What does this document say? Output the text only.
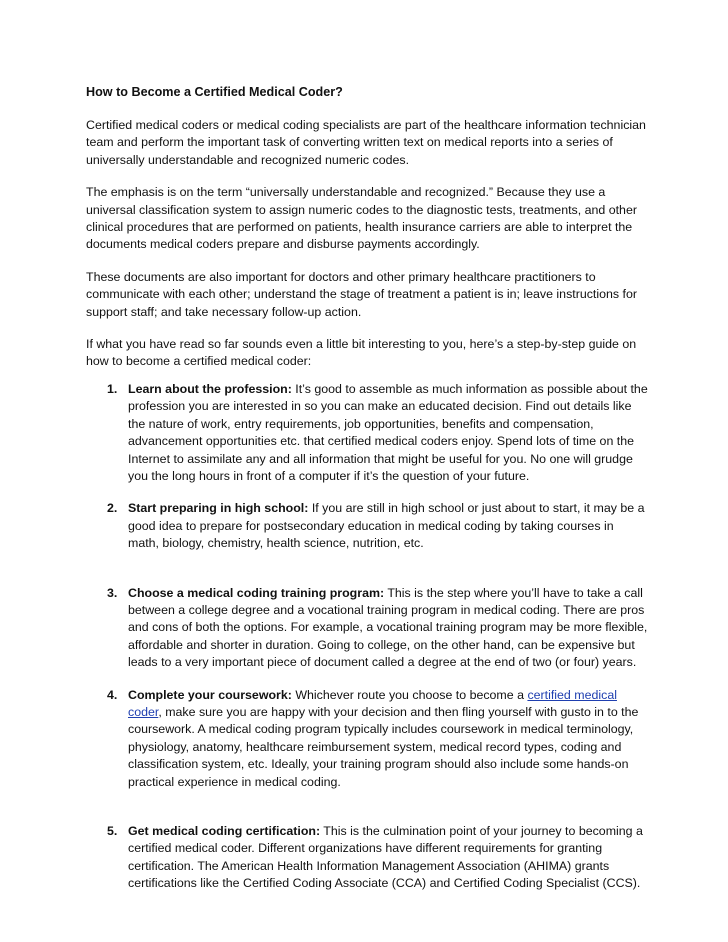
How to Become a Certified Medical Coder?

Certified medical coders or medical coding specialists are part of the healthcare information technician team and perform the important task of converting written text on medical reports into a series of universally understandable and recognized numeric codes.

The emphasis is on the term “universally understandable and recognized.” Because they use a universal classification system to assign numeric codes to the diagnostic tests, treatments, and other clinical procedures that are performed on patients, health insurance carriers are able to interpret the documents medical coders prepare and disburse payments accordingly.

These documents are also important for doctors and other primary healthcare practitioners to communicate with each other; understand the stage of treatment a patient is in; leave instructions for support staff; and take necessary follow-up action.

If what you have read so far sounds even a little bit interesting to you, here’s a step-by-step guide on how to become a certified medical coder:

1. Learn about the profession: It’s good to assemble as much information as possible about the profession you are interested in so you can make an educated decision. Find out details like the nature of work, entry requirements, job opportunities, benefits and compensation, advancement opportunities etc. that certified medical coders enjoy. Spend lots of time on the Internet to assimilate any and all information that might be useful for you. No one will grudge you the long hours in front of a computer if it’s the question of your future.
2. Start preparing in high school: If you are still in high school or just about to start, it may be a good idea to prepare for postsecondary education in medical coding by taking courses in math, biology, chemistry, health science, nutrition, etc.
3. Choose a medical coding training program: This is the step where you’ll have to take a call between a college degree and a vocational training program in medical coding. There are pros and cons of both the options. For example, a vocational training program may be more flexible, affordable and shorter in duration. Going to college, on the other hand, can be expensive but leads to a very important piece of document called a degree at the end of two (or four) years.
4. Complete your coursework: Whichever route you choose to become a certified medical coder, make sure you are happy with your decision and then fling yourself with gusto in to the coursework. A medical coding program typically includes coursework in medical terminology, physiology, anatomy, healthcare reimbursement system, medical record types, coding and classification system, etc. Ideally, your training program should also include some hands-on practical experience in medical coding.
5. Get medical coding certification: This is the culmination point of your journey to becoming a certified medical coder. Different organizations have different requirements for granting certification. The American Health Information Management Association (AHIMA) grants certifications like the Certified Coding Associate (CCA) and Certified Coding Specialist (CCS).
